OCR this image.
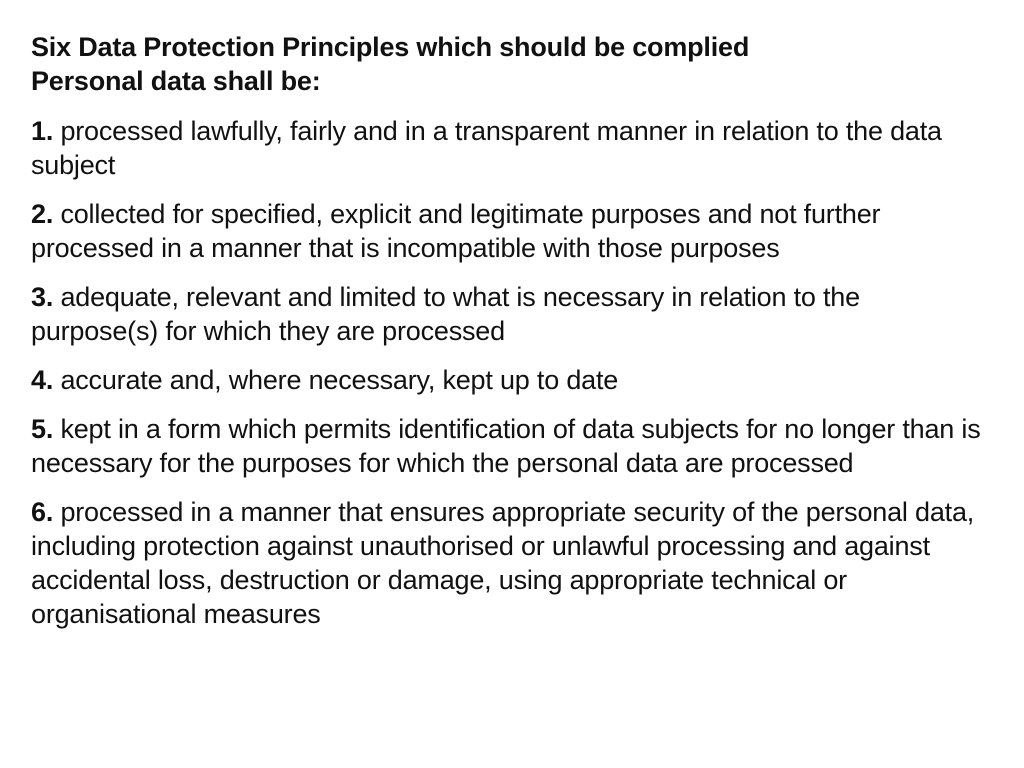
Six Data Protection Principles which should be complied
Personal data shall be:
1. processed lawfully, fairly and in a transparent manner in relation to the data subject
2. collected for specified, explicit and legitimate purposes and not further processed in a manner that is incompatible with those purposes
3. adequate, relevant and limited to what is necessary in relation to the purpose(s) for which they are processed
4. accurate and, where necessary, kept up to date
5. kept in a form which permits identification of data subjects for no longer than is necessary for the purposes for which the personal data are processed
6. processed in a manner that ensures appropriate security of the personal data, including protection against unauthorised or unlawful processing and against accidental loss, destruction or damage, using appropriate technical or organisational measures
